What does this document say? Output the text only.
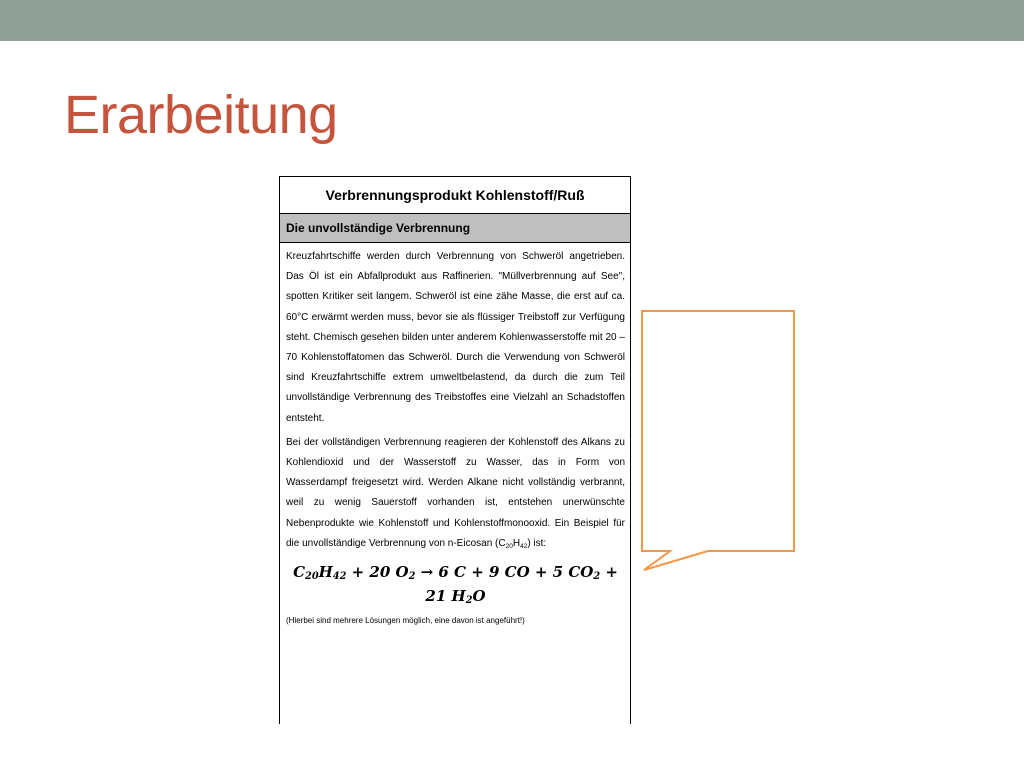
Erarbeitung
Verbrennungsprodukt Kohlenstoff/Ruß
Die unvollständige Verbrennung

Kreuzfahrtschiffe werden durch Verbrennung von Schweröl angetrieben. Das Öl ist ein Abfallprodukt aus Raffinerien. "Müllverbrennung auf See", spotten Kritiker seit langem. Schweröl ist eine zähe Masse, die erst auf ca. 60°C erwärmt werden muss, bevor sie als flüssiger Treibstoff zur Verfügung steht. Chemisch gesehen bilden unter anderem Kohlenwasserstoffe mit 20 – 70 Kohlenstoffatomen das Schweröl. Durch die Verwendung von Schweröl sind Kreuzfahrtschiffe extrem umweltbelastend, da durch die zum Teil unvollständige Verbrennung des Treibstoffes eine Vielzahl an Schadstoffen entsteht.

Bei der vollständigen Verbrennung reagieren der Kohlenstoff des Alkans zu Kohlendioxid und der Wasserstoff zu Wasser, das in Form von Wasserdampf freigesetzt wird. Werden Alkane nicht vollständig verbrannt, weil zu wenig Sauerstoff vorhanden ist, entstehen unerwünschte Nebenprodukte wie Kohlenstoff und Kohlenstoffmonooxid. Ein Beispiel für die unvollständige Verbrennung von n-Eicosan $(C_{20}H_{42})$ ist:

$C_{20}H_{42} + 20$ $O_2 \to 6$ C + 9 CO + 5 $CO_2 + 21$ $H_2O$
(Hierbei sind mehrere Lösungen möglich, eine davon ist angeführt!)
